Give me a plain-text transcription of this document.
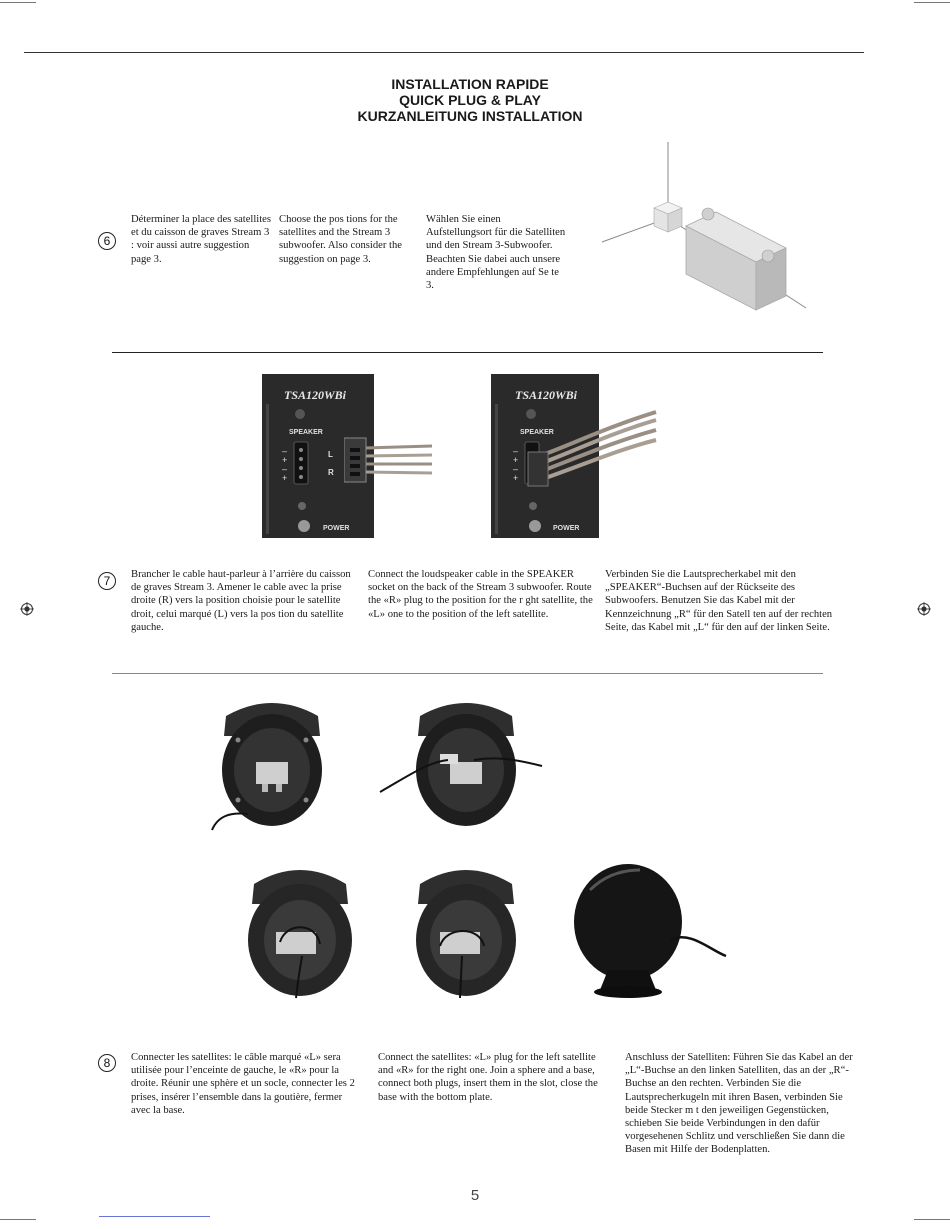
INSTALLATION RAPIDE
QUICK PLUG & PLAY
KURZANLEITUNG INSTALLATION
6
Déterminer la place des satellites et du caisson de graves Stream 3 : voir aussi autre suggestion page 3.
Choose the pos tions for the satellites and the Stream 3 subwoofer. Also consider the suggestion on page 3.
Wählen Sie einen Aufstellungsort für die Satelliten und den Stream 3-Subwoofer. Beachten Sie dabei auch unsere andere Empfehlungen auf Se te 3.
TSA120WBi
SPEAKER
POWER
L
R
–
+
–
+
TSA120WBi
SPEAKER
POWER
–
+
–
+
7	Brancher le cable haut-parleur à l’arrière du caisson de graves Stream 3. Amener le cable avec la prise droite (R) vers la position choisie pour le satellite droit, celui marqué (L) vers la pos tion du satellite gauche.
Connect the loudspeaker cable in the SPEAKER socket on the back of the Stream 3 subwoofer. Route the «R» plug to the position for the r ght satellite, the «L» one to the position of the left satellite.
Verbinden Sie die Lautsprecherkabel mit den „SPEAKER“-Buchsen auf der Rückseite des Subwoofers. Benutzen Sie das Kabel mit der Kennzeichnung „R“ für den Satell ten auf der rechten Seite, das Kabel mit „L“ für den auf der linken Seite.
8	Connecter les satellites: le câble marqué «L» sera utilisée pour l’enceinte de gauche, le «R» pour la droite. Réunir une sphère et un socle, connecter les 2 prises, insérer l’ensemble dans la goutière, fermer avec la base.
Connect the satellites: «L» plug for the left satellite and «R» for the right one. Join a sphere and a base, connect both plugs, insert them in the slot, close the base with the bottom plate.
Anschluss der Satelliten: Führen Sie das Kabel an der „L“-Buchse an den linken Satelliten, das an der „R“-Buchse an den rechten. Verbinden Sie die Lautsprecherkugeln mit ihren Basen, verbinden Sie beide Stecker m t den jeweiligen Gegenstücken, schieben Sie beide Verbindungen in den dafür vorgesehenen Schlitz und verschließen Sie dann die Basen mit Hilfe der Bodenplatten.
5
